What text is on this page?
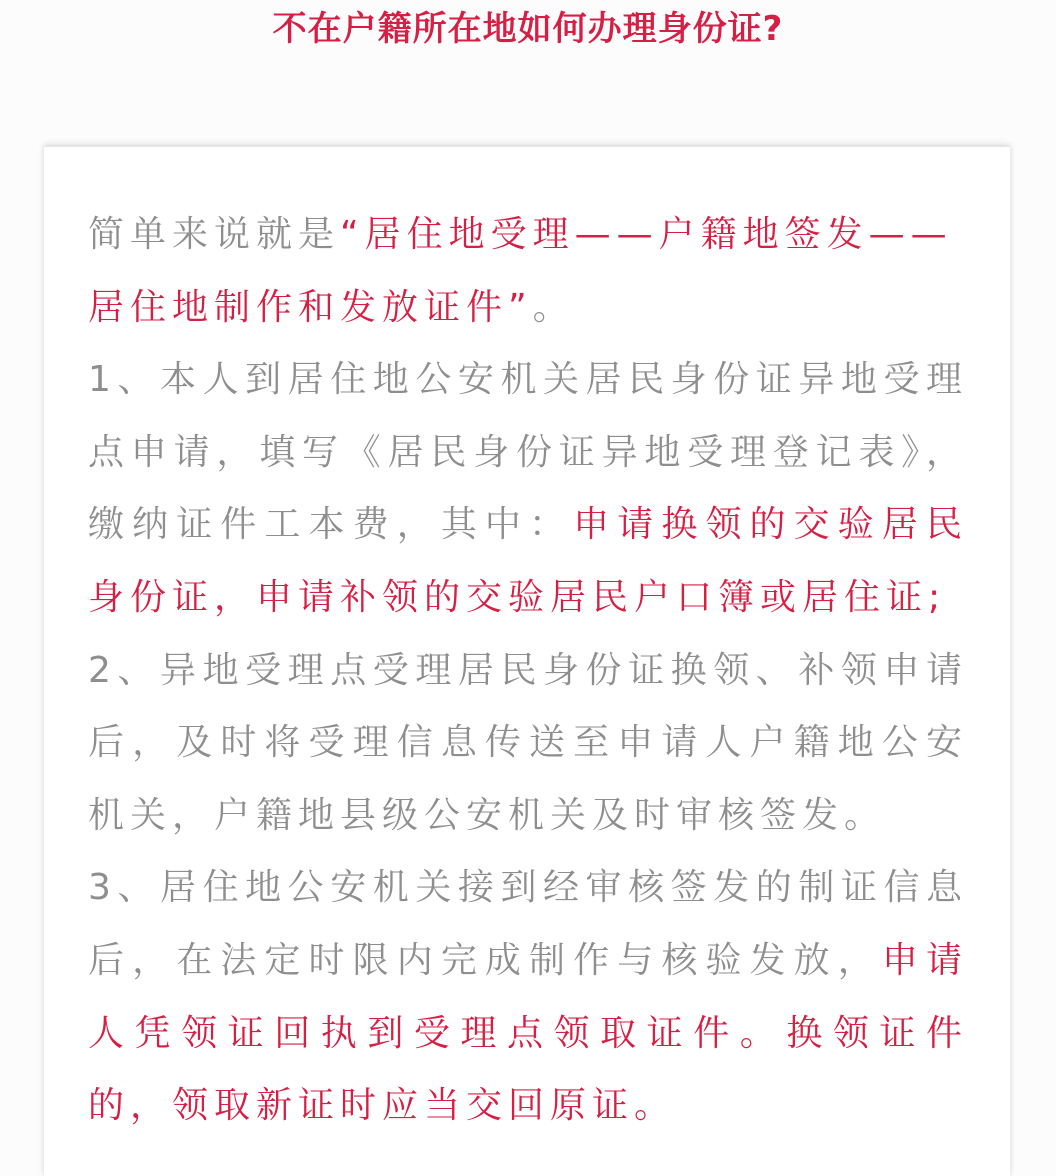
不在户籍所在地如何办理身份证?

简单来说就是“居住地受理——户籍地签发——居住地制作和发放证件”。

1、本人到居住地公安机关居民身份证异地受理点申请，填写《居民身份证异地受理登记表》，缴纳证件工本费，其中：申请换领的交验居民身份证，申请补领的交验居民户口簿或居住证;

2、异地受理点受理居民身份证换领、补领申请后，及时将受理信息传送至申请人户籍地公安机关，户籍地县级公安机关及时审核签发。

3、居住地公安机关接到经审核签发的制证信息后，在法定时限内完成制作与核验发放，申请人凭领证回执到受理点领取证件。换领证件的，领取新证时应当交回原证。
